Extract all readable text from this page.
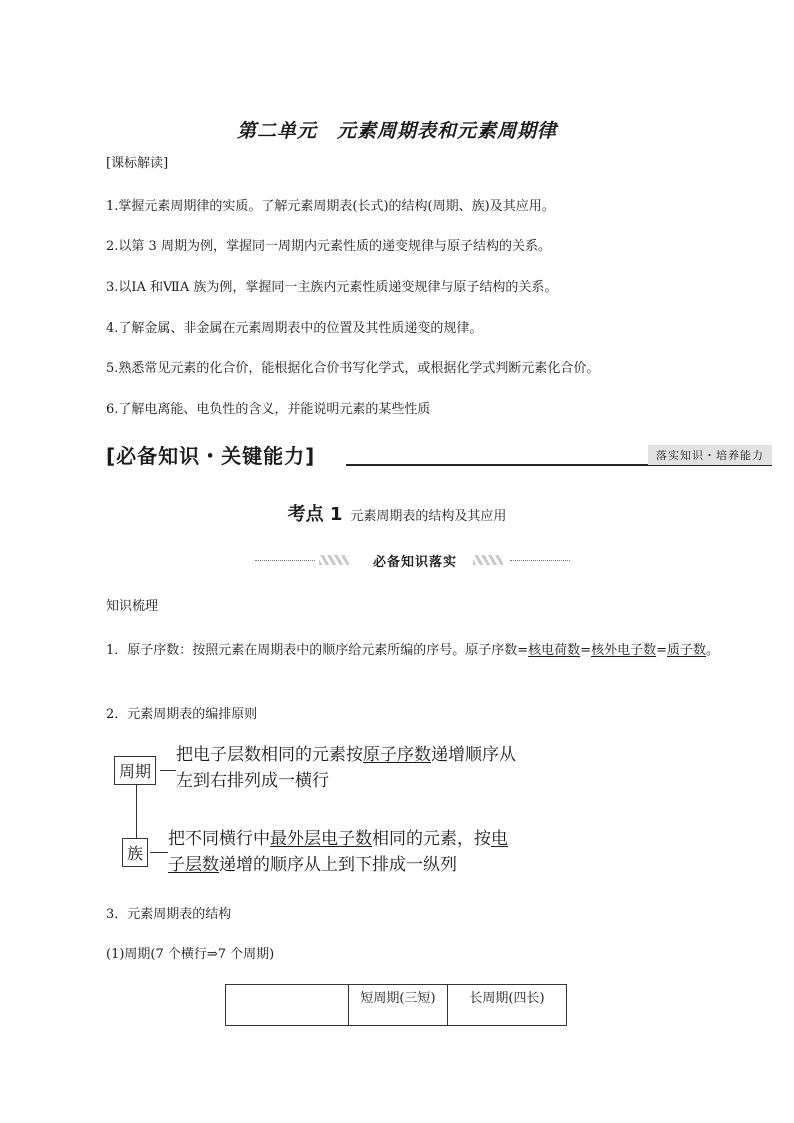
第二单元　元素周期表和元素周期律
[课标解读]
1.掌握元素周期律的实质。了解元素周期表(长式)的结构(周期、族)及其应用。
2.以第 3 周期为例，掌握同一周期内元素性质的递变规律与原子结构的关系。
3.以ⅠA 和ⅦA 族为例，掌握同一主族内元素性质递变规律与原子结构的关系。
4.了解金属、非金属在元素周期表中的位置及其性质递变的规律。
5.熟悉常见元素的化合价，能根据化合价书写化学式，或根据化学式判断元素化合价。
6.了解电离能、电负性的含义，并能说明元素的某些性质
[必备知识・关键能力]	落实知识・培养能力
考点 1 元素周期表的结构及其应用
必备知识落实
知识梳理
1．原子序数：按照元素在周期表中的顺序给元素所编的序号。原子序数=核电荷数=核外电子数=质子数。
2．元素周期表的编排原则
周期
把电子层数相同的元素按原子序数递增顺序从
左到右排列成一横行
族
把不同横行中最外层电子数相同的元素，按电
子层数递增的顺序从上到下排成一纵列
3．元素周期表的结构
(1)周期(7 个横行⇒7 个周期)
	短周期(三短)	长周期(四长)
